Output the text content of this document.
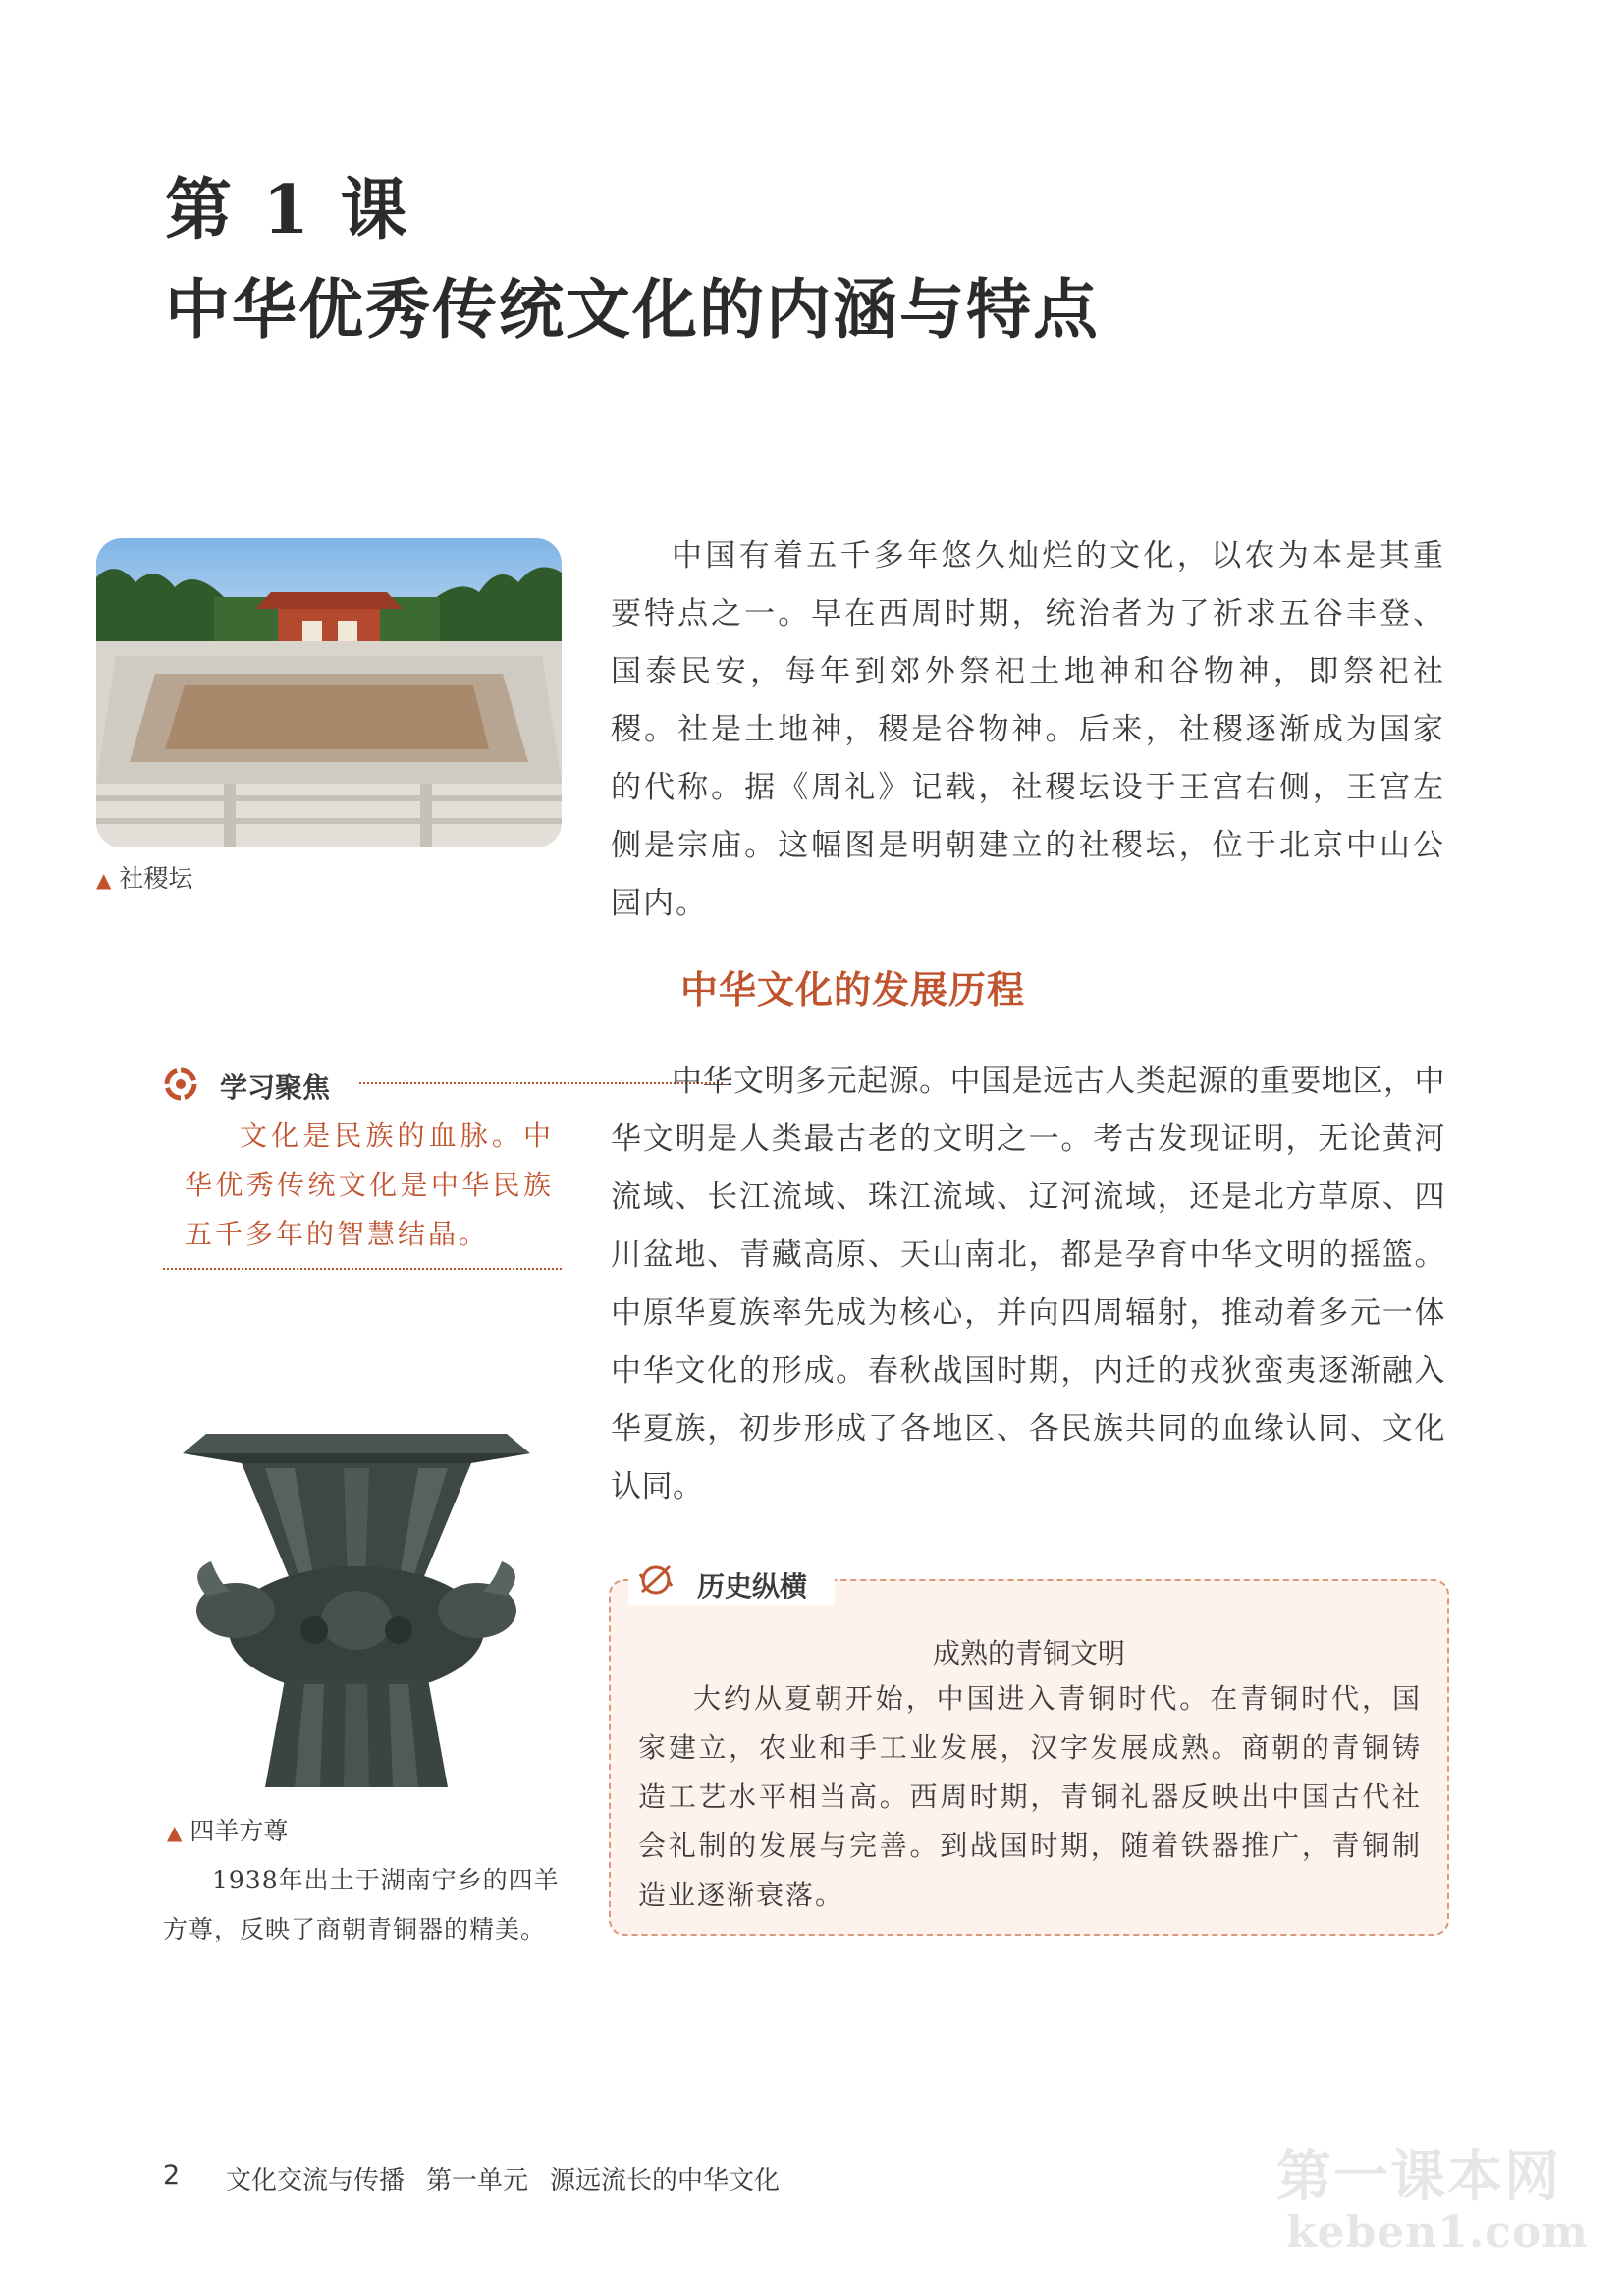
第 1 课
中华优秀传统文化的内涵与特点
▲ 社稷坛
中国有着五千多年悠久灿烂的文化，以农为本是其重要特点之一。早在西周时期，统治者为了祈求五谷丰登、国泰民安，每年到郊外祭祀土地神和谷物神，即祭祀社稷。社是土地神，稷是谷物神。后来，社稷逐渐成为国家的代称。据《周礼》记载，社稷坛设于王宫右侧，王宫左侧是宗庙。这幅图是明朝建立的社稷坛，位于北京中山公园内。
中华文化的发展历程
学习聚焦
文化是民族的血脉。中华优秀传统文化是中华民族五千多年的智慧结晶。
中华文明多元起源。中国是远古人类起源的重要地区，中华文明是人类最古老的文明之一。考古发现证明，无论黄河流域、长江流域、珠江流域、辽河流域，还是北方草原、四川盆地、青藏高原、天山南北，都是孕育中华文明的摇篮。中原华夏族率先成为核心，并向四周辐射，推动着多元一体中华文化的形成。春秋战国时期，内迁的戎狄蛮夷逐渐融入华夏族，初步形成了各地区、各民族共同的血缘认同、文化认同。
▲ 四羊方尊
1938年出土于湖南宁乡的四羊方尊，反映了商朝青铜器的精美。
历史纵横
成熟的青铜文明
大约从夏朝开始，中国进入青铜时代。在青铜时代，国家建立，农业和手工业发展，汉字发展成熟。商朝的青铜铸造工艺水平相当高。西周时期，青铜礼器反映出中国古代社会礼制的发展与完善。到战国时期，随着铁器推广，青铜制造业逐渐衰落。
2 文化交流与传播 第一单元 源远流长的中华文化	第一课本网
keben1.com
